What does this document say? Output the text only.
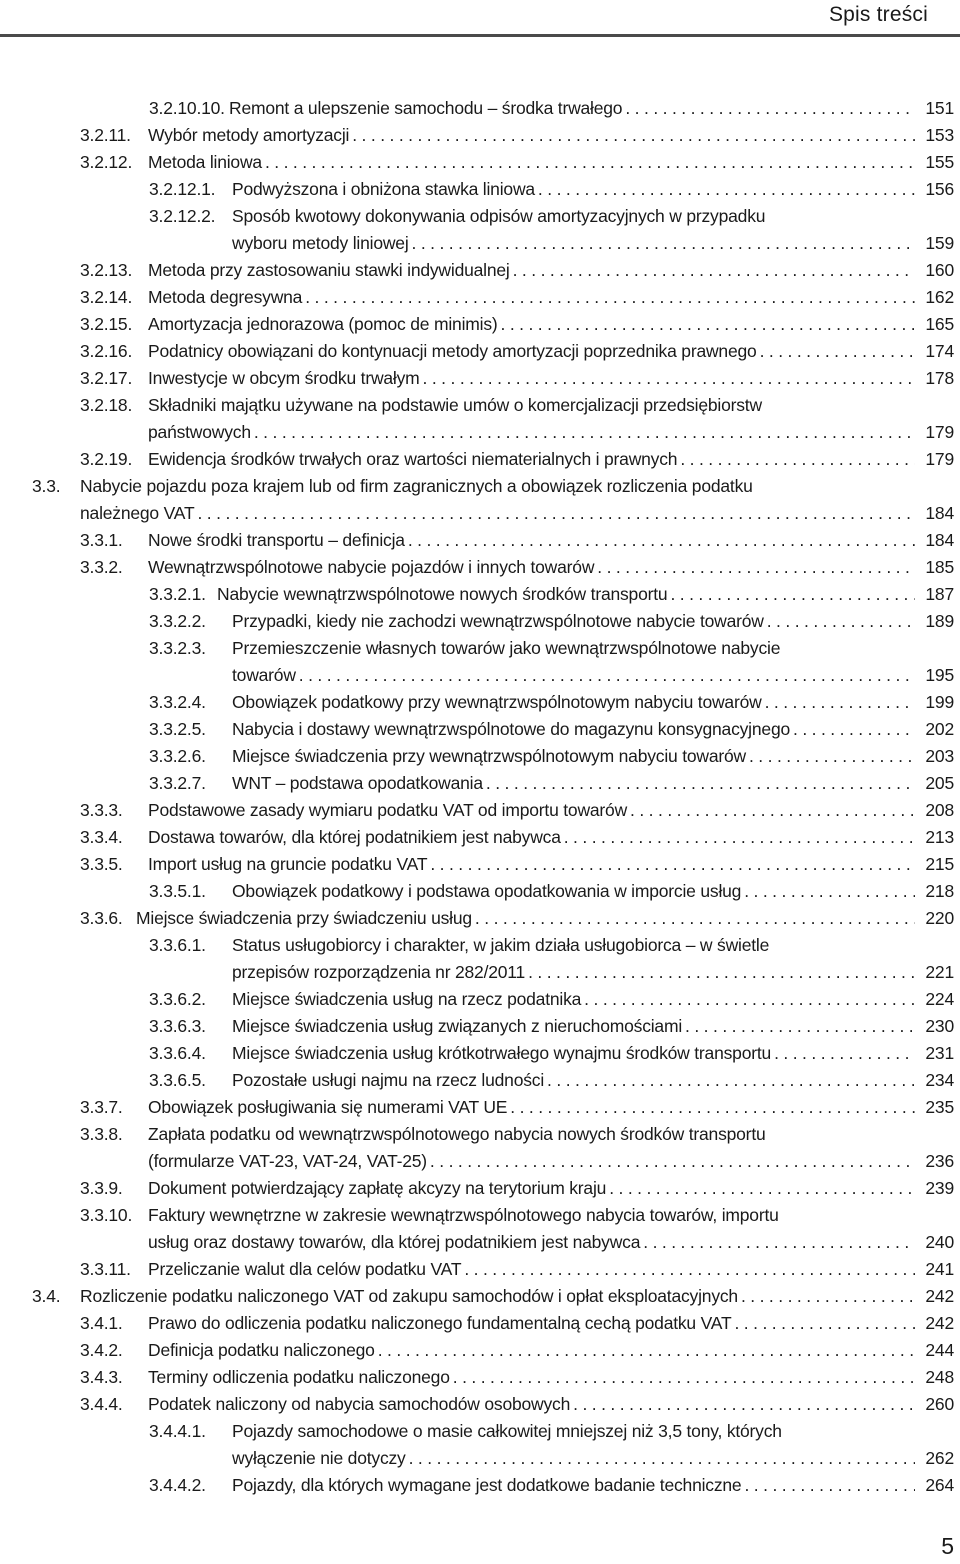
Spis treści
3.2.10.10. Remont a ulepszenie samochodu – środka trwałego . . .	151
3.2.11. Wybór metody amortyzacji . . .	153
3.2.12. Metoda liniowa . . .	155
3.2.12.1. Podwyższona i obniżona stawka liniowa . . .	156
3.2.12.2. Sposób kwotowy dokonywania odpisów amortyzacyjnych w przypadku
wyboru metody liniowej . . .	159
3.2.13. Metoda przy zastosowaniu stawki indywidualnej . . .	160
3.2.14. Metoda degresywna . . .	162
3.2.15. Amortyzacja jednorazowa (pomoc de minimis) . . .	165
3.2.16. Podatnicy obowiązani do kontynuacji metody amortyzacji poprzednika prawnego . . .	174
3.2.17. Inwestycje w obcym środku trwałym . . .	178
3.2.18. Składniki majątku używane na podstawie umów o komercjalizacji przedsiębiorstw
państwowych . . .	179
3.2.19. Ewidencja środków trwałych oraz wartości niematerialnych i prawnych . . .	179
3.3.	Nabycie pojazdu poza krajem lub od firm zagranicznych a obowiązek rozliczenia podatku
należnego VAT . . .	184
3.3.1.	Nowe środki transportu – definicja . . .	184
3.3.2.	Wewnątrzwspólnotowe nabycie pojazdów i innych towarów . . .	185
3.3.2.1. Nabycie wewnątrzwspólnotowe nowych środków transportu . . .	187
3.3.2.2.	Przypadki, kiedy nie zachodzi wewnątrzwspólnotowe nabycie towarów . . .	189
3.3.2.3.	Przemieszczenie własnych towarów jako wewnątrzwspólnotowe nabycie
towarów . . .	195
3.3.2.4.	Obowiązek podatkowy przy wewnątrzwspólnotowym nabyciu towarów . . .	199
3.3.2.5.	Nabycia i dostawy wewnątrzwspólnotowe do magazynu konsygnacyjnego . . .	202
3.3.2.6.	Miejsce świadczenia przy wewnątrzwspólnotowym nabyciu towarów . . .	203
3.3.2.7.	WNT – podstawa opodatkowania . . .	205
3.3.3.	Podstawowe zasady wymiaru podatku VAT od importu towarów . . .	208
3.3.4.	Dostawa towarów, dla której podatnikiem jest nabywca . . .	213
3.3.5.	Import usług na gruncie podatku VAT . . .	215
3.3.5.1.	Obowiązek podatkowy i podstawa opodatkowania w imporcie usług . . .	218
3.3.6. Miejsce świadczenia przy świadczeniu usług . . .	220
3.3.6.1.	Status usługobiorcy i charakter, w jakim działa usługobiorca – w świetle
przepisów rozporządzenia nr 282/2011 . . .	221
3.3.6.2.	Miejsce świadczenia usług na rzecz podatnika . . .	224
3.3.6.3.	Miejsce świadczenia usług związanych z nieruchomościami . . .	230
3.3.6.4.	Miejsce świadczenia usług krótkotrwałego wynajmu środków transportu . . .	231
3.3.6.5.	Pozostałe usługi najmu na rzecz ludności . . .	234
3.3.7.	Obowiązek posługiwania się numerami VAT UE . . .	235
3.3.8.	Zapłata podatku od wewnątrzwspólnotowego nabycia nowych środków transportu
(formularze VAT-23, VAT-24, VAT-25) . . .	236
3.3.9.	Dokument potwierdzający zapłatę akcyzy na terytorium kraju . . .	239
3.3.10. Faktury wewnętrzne w zakresie wewnątrzwspólnotowego nabycia towarów, importu
usług oraz dostawy towarów, dla której podatnikiem jest nabywca . . .	240
3.3.11. Przeliczanie walut dla celów podatku VAT . . .	241
3.4.	Rozliczenie podatku naliczonego VAT od zakupu samochodów i opłat eksploatacyjnych . . .	242
3.4.1.	Prawo do odliczenia podatku naliczonego fundamentalną cechą podatku VAT . . .	242
3.4.2.	Definicja podatku naliczonego . . .	244
3.4.3.	Terminy odliczenia podatku naliczonego . . .	248
3.4.4.	Podatek naliczony od nabycia samochodów osobowych . . .	260
3.4.4.1.	Pojazdy samochodowe o masie całkowitej mniejszej niż 3,5 tony, których
wyłączenie nie dotyczy . . .	262
3.4.4.2.	Pojazdy, dla których wymagane jest dodatkowe badanie techniczne . . .	264
5
